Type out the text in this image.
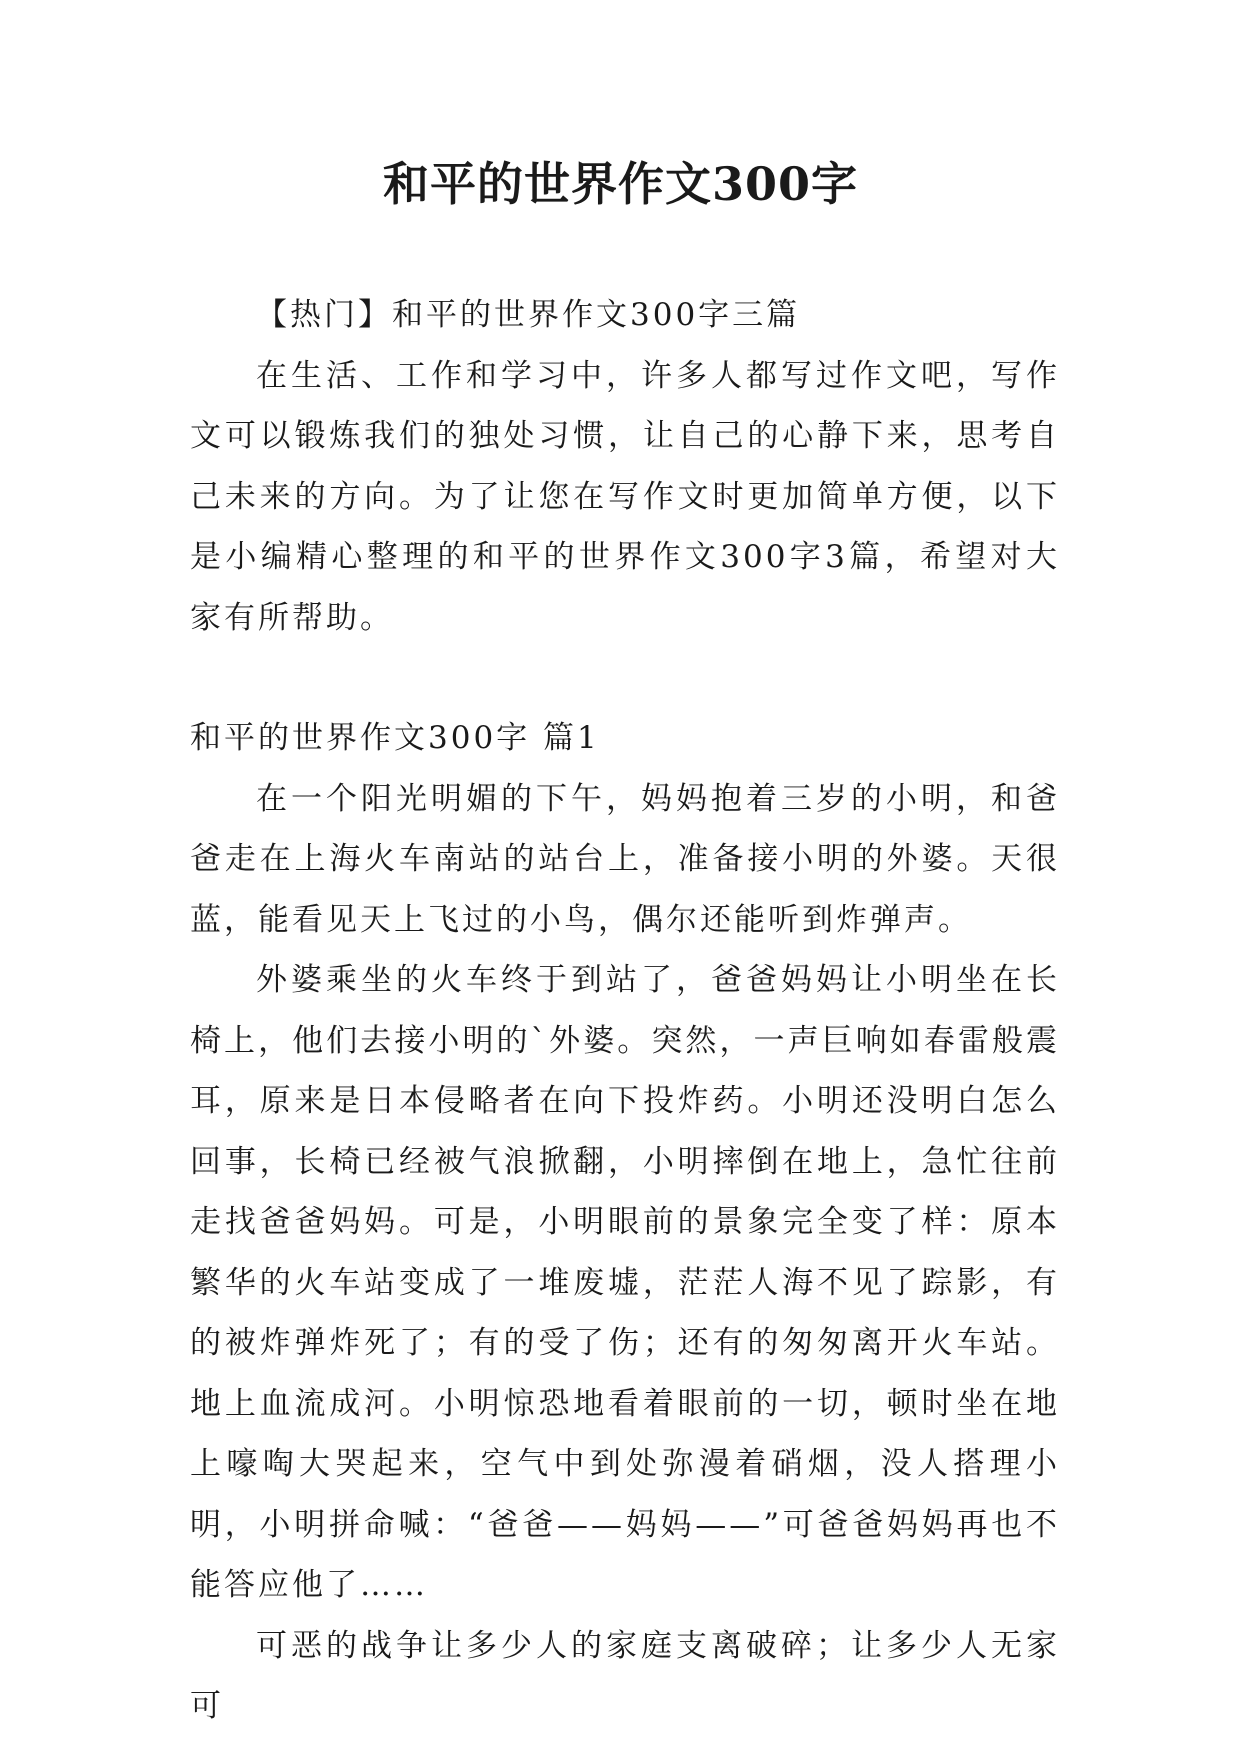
和平的世界作文300字

【热门】和平的世界作文300字三篇

在生活、工作和学习中，许多人都写过作文吧，写作文可以锻炼我们的独处习惯，让自己的心静下来，思考自己未来的方向。为了让您在写作文时更加简单方便，以下是小编精心整理的和平的世界作文300字3篇，希望对大家有所帮助。

和平的世界作文300字 篇1

在一个阳光明媚的下午，妈妈抱着三岁的小明，和爸爸走在上海火车南站的站台上，准备接小明的外婆。天很蓝，能看见天上飞过的小鸟，偶尔还能听到炸弹声。

外婆乘坐的火车终于到站了，爸爸妈妈让小明坐在长椅上，他们去接小明的`外婆。突然，一声巨响如春雷般震耳，原来是日本侵略者在向下投炸药。小明还没明白怎么回事，长椅已经被气浪掀翻，小明摔倒在地上，急忙往前走找爸爸妈妈。可是，小明眼前的景象完全变了样：原本繁华的火车站变成了一堆废墟，茫茫人海不见了踪影，有的被炸弹炸死了；有的受了伤；还有的匆匆离开火车站。地上血流成河。小明惊恐地看着眼前的一切，顿时坐在地上嚎啕大哭起来，空气中到处弥漫着硝烟，没人搭理小明，小明拼命喊：“爸爸——妈妈——”可爸爸妈妈再也不能答应他了……

可恶的战争让多少人的家庭支离破碎；让多少人无家可
